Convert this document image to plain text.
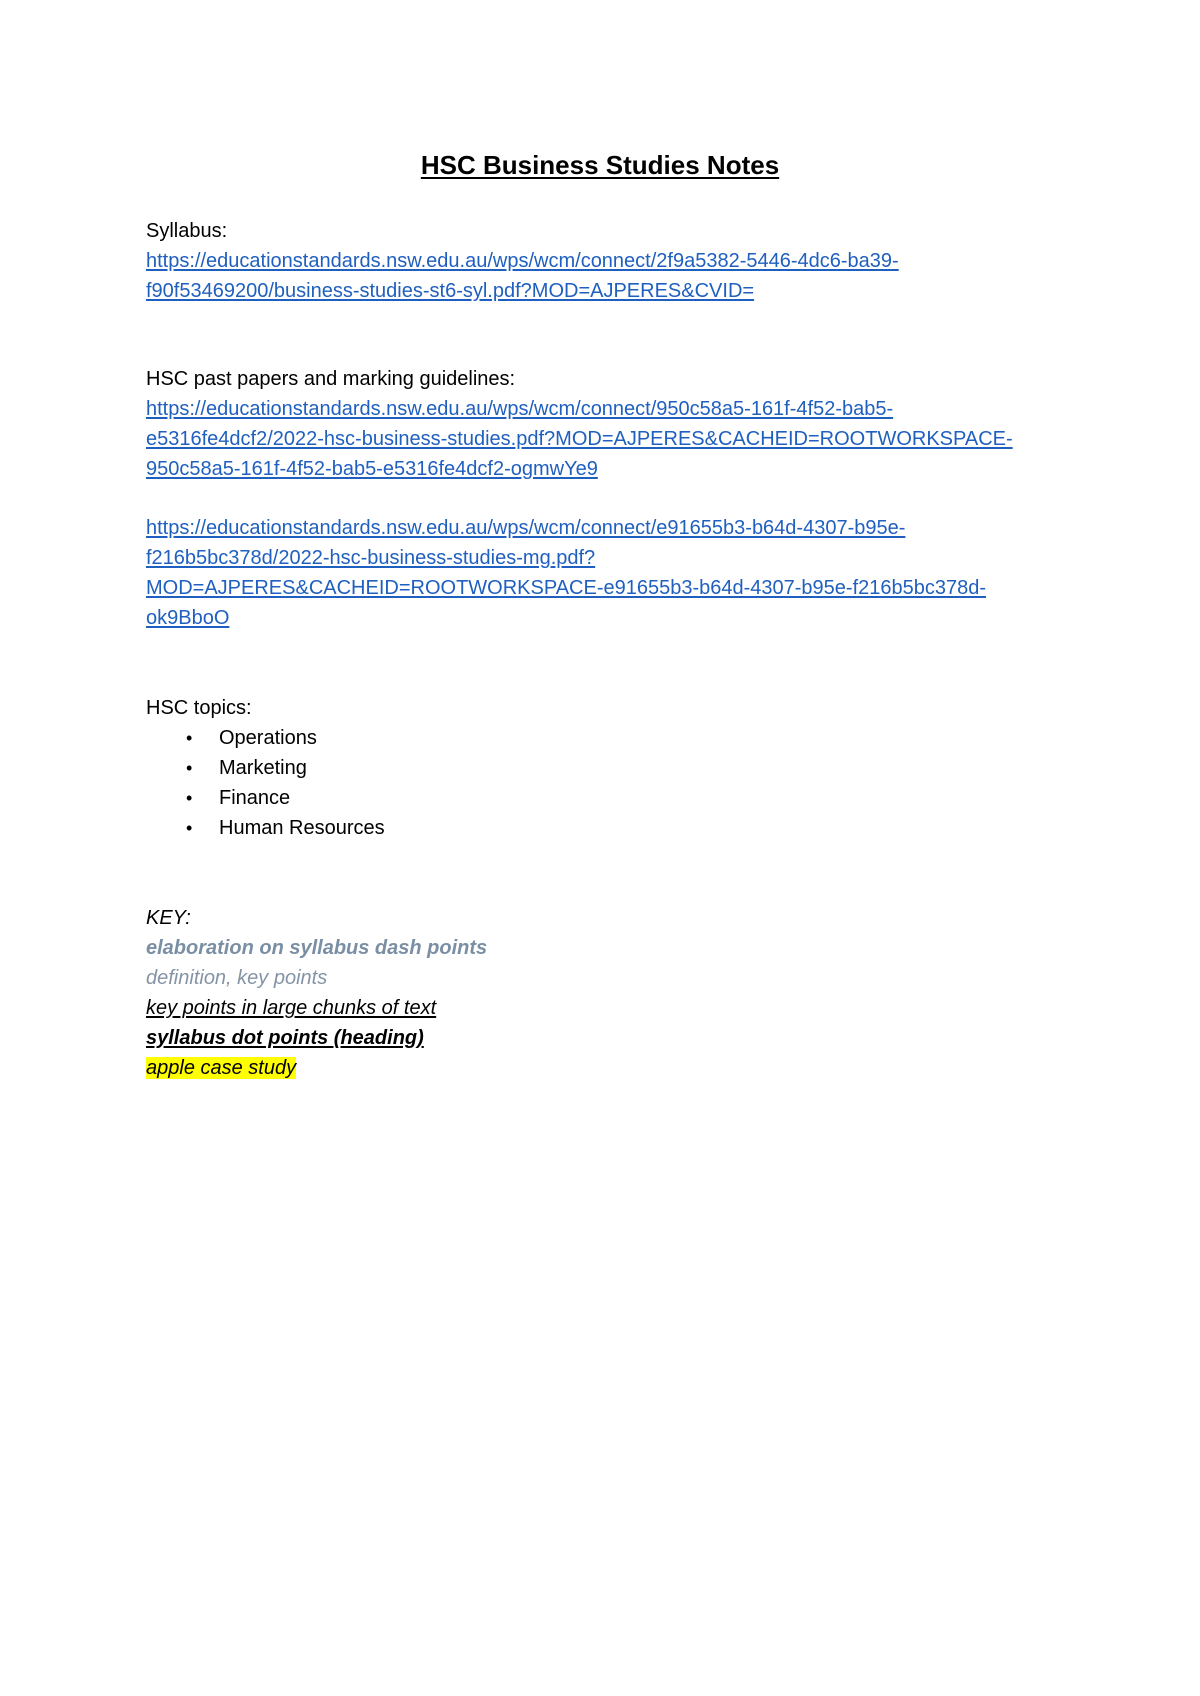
HSC Business Studies Notes
Syllabus:
https://educationstandards.nsw.edu.au/wps/wcm/connect/2f9a5382-5446-4dc6-ba39-
f90f53469200/business-studies-st6-syl.pdf?MOD=AJPERES&CVID=
HSC past papers and marking guidelines:
https://educationstandards.nsw.edu.au/wps/wcm/connect/950c58a5-161f-4f52-bab5-
e5316fe4dcf2/2022-hsc-business-studies.pdf?MOD=AJPERES&CACHEID=ROOTWORKSPACE-
950c58a5-161f-4f52-bab5-e5316fe4dcf2-ogmwYe9
https://educationstandards.nsw.edu.au/wps/wcm/connect/e91655b3-b64d-4307-b95e-
f216b5bc378d/2022-hsc-business-studies-mg.pdf?
MOD=AJPERES&CACHEID=ROOTWORKSPACE-e91655b3-b64d-4307-b95e-f216b5bc378d-
ok9BboO
HSC topics:
• Operations
• Marketing
• Finance
• Human Resources
KEY:
elaboration on syllabus dash points
definition, key points
key points in large chunks of text
syllabus dot points (heading)
apple case study
